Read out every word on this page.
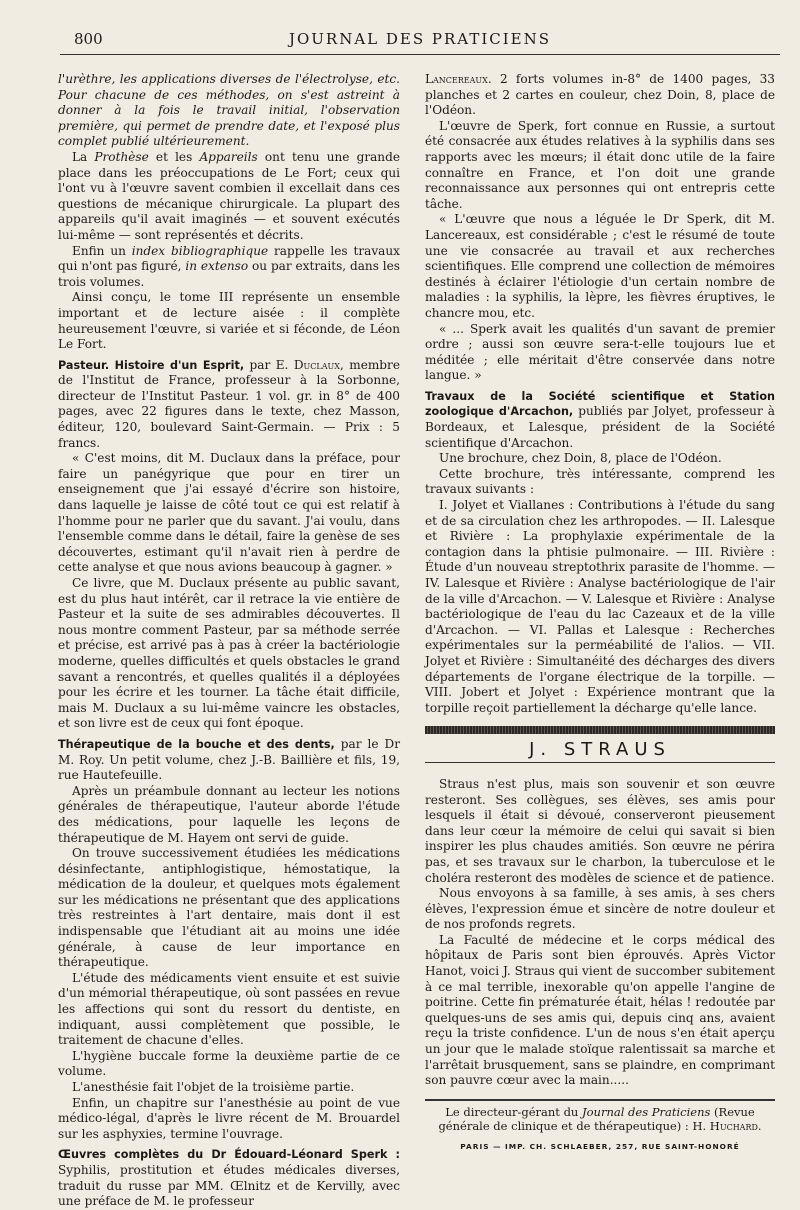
800	JOURNAL DES PRATICIENS

l'urèthre, les applications diverses de l'électrolyse, etc. Pour chacune de ces méthodes, on s'est astreint à donner à la fois le travail initial, l'observation première, qui permet de prendre date, et l'exposé plus complet publié ultérieurement.

La Prothèse et les Appareils ont tenu une grande place dans les préoccupations de Le Fort; ceux qui l'ont vu à l'œuvre savent combien il excellait dans ces questions de mécanique chirurgicale. La plupart des appareils qu'il avait imaginés — et souvent exécutés lui-même — sont représentés et décrits.

Enfin un index bibliographique rappelle les travaux qui n'ont pas figuré, in extenso ou par extraits, dans les trois volumes.

Ainsi conçu, le tome III représente un ensemble important et de lecture aisée : il complète heureusement l'œuvre, si variée et si féconde, de Léon Le Fort.

Pasteur. Histoire d'un Esprit, par E. Duclaux, membre de l'Institut de France, professeur à la Sorbonne, directeur de l'Institut Pasteur. 1 vol. gr. in 8° de 400 pages, avec 22 figures dans le texte, chez Masson, éditeur, 120, boulevard Saint-Germain. — Prix : 5 francs.

« C'est moins, dit M. Duclaux dans la préface, pour faire un panégyrique que pour en tirer un enseignement que j'ai essayé d'écrire son histoire, dans laquelle je laisse de côté tout ce qui est relatif à l'homme pour ne parler que du savant. J'ai voulu, dans l'ensemble comme dans le détail, faire la genèse de ses découvertes, estimant qu'il n'avait rien à perdre de cette analyse et que nous avions beaucoup à gagner. »

Ce livre, que M. Duclaux présente au public savant, est du plus haut intérêt, car il retrace la vie entière de Pasteur et la suite de ses admirables découvertes. Il nous montre comment Pasteur, par sa méthode serrée et précise, est arrivé pas à pas à créer la bactériologie moderne, quelles difficultés et quels obstacles le grand savant a rencontrés, et quelles qualités il a déployées pour les écrire et les tourner. La tâche était difficile, mais M. Duclaux a su lui-même vaincre les obstacles, et son livre est de ceux qui font époque.

Thérapeutique de la bouche et des dents, par le Dr M. Roy. Un petit volume, chez J.-B. Baillière et fils, 19, rue Hautefeuille.

Après un préambule donnant au lecteur les notions générales de thérapeutique, l'auteur aborde l'étude des médications, pour laquelle les leçons de thérapeutique de M. Hayem ont servi de guide.

On trouve successivement étudiées les médications désinfectante, antiphlogistique, hémostatique, la médication de la douleur, et quelques mots également sur les médications ne présentant que des applications très restreintes à l'art dentaire, mais dont il est indispensable que l'étudiant ait au moins une idée générale, à cause de leur importance en thérapeutique.

L'étude des médicaments vient ensuite et est suivie d'un mémorial thérapeutique, où sont passées en revue les affections qui sont du ressort du dentiste, en indiquant, aussi complètement que possible, le traitement de chacune d'elles.

L'hygiène buccale forme la deuxième partie de ce volume.

L'anesthésie fait l'objet de la troisième partie.

Enfin, un chapitre sur l'anesthésie au point de vue médico-légal, d'après le livre récent de M. Brouardel sur les asphyxies, termine l'ouvrage.

Œuvres complètes du Dr Édouard-Léonard Sperk : Syphilis, prostitution et études médicales diverses, traduit du russe par MM. Œlnitz et de Kervilly, avec une préface de M. le professeur

Lancereaux. 2 forts volumes in-8° de 1400 pages, 33 planches et 2 cartes en couleur, chez Doin, 8, place de l'Odéon.

L'œuvre de Sperk, fort connue en Russie, a surtout été consacrée aux études relatives à la syphilis dans ses rapports avec les mœurs; il était donc utile de la faire connaître en France, et l'on doit une grande reconnaissance aux personnes qui ont entrepris cette tâche.

« L'œuvre que nous a léguée le Dr Sperk, dit M. Lancereaux, est considérable ; c'est le résumé de toute une vie consacrée au travail et aux recherches scientifiques. Elle comprend une collection de mémoires destinés à éclairer l'étiologie d'un certain nombre de maladies : la syphilis, la lèpre, les fièvres éruptives, le chancre mou, etc.

« ... Sperk avait les qualités d'un savant de premier ordre ; aussi son œuvre sera-t-elle toujours lue et méditée ; elle méritait d'être conservée dans notre langue. »

Travaux de la Société scientifique et Station zoologique d'Arcachon, publiés par Jolyet, professeur à Bordeaux, et Lalesque, président de la Société scientifique d'Arcachon.

Une brochure, chez Doin, 8, place de l'Odéon.

Cette brochure, très intéressante, comprend les travaux suivants :

I. Jolyet et Viallanes : Contributions à l'étude du sang et de sa circulation chez les arthropodes. — II. Lalesque et Rivière : La prophylaxie expérimentale de la contagion dans la phtisie pulmonaire. — III. Rivière : Étude d'un nouveau streptothrix parasite de l'homme. — IV. Lalesque et Rivière : Analyse bactériologique de l'air de la ville d'Arcachon. — V. Lalesque et Rivière : Analyse bactériologique de l'eau du lac Cazeaux et de la ville d'Arcachon. — VI. Pallas et Lalesque : Recherches expérimentales sur la perméabilité de l'alios. — VII. Jolyet et Rivière : Simultanéité des décharges des divers départements de l'organe électrique de la torpille. — VIII. Jobert et Jolyet : Expérience montrant que la torpille reçoit partiellement la décharge qu'elle lance.

J. STRAUS

Straus n'est plus, mais son souvenir et son œuvre resteront. Ses collègues, ses élèves, ses amis pour lesquels il était si dévoué, conserveront pieusement dans leur cœur la mémoire de celui qui savait si bien inspirer les plus chaudes amitiés. Son œuvre ne périra pas, et ses travaux sur le charbon, la tuberculose et le choléra resteront des modèles de science et de patience.

Nous envoyons à sa famille, à ses amis, à ses chers élèves, l'expression émue et sincère de notre douleur et de nos profonds regrets.

La Faculté de médecine et le corps médical des hôpitaux de Paris sont bien éprouvés. Après Victor Hanot, voici J. Straus qui vient de succomber subitement à ce mal terrible, inexorable qu'on appelle l'angine de poitrine. Cette fin prématurée était, hélas ! redoutée par quelques-uns de ses amis qui, depuis cinq ans, avaient reçu la triste confidence. L'un de nous s'en était aperçu un jour que le malade stoïque ralentissait sa marche et l'arrêtait brusquement, sans se plaindre, en comprimant son pauvre cœur avec la main.....

Le directeur-gérant du Journal des Praticiens (Revue générale de clinique et de thérapeutique) : H. Huchard.

PARIS — IMP. CH. SCHLAEBER, 257, RUE SAINT-HONORÉ
